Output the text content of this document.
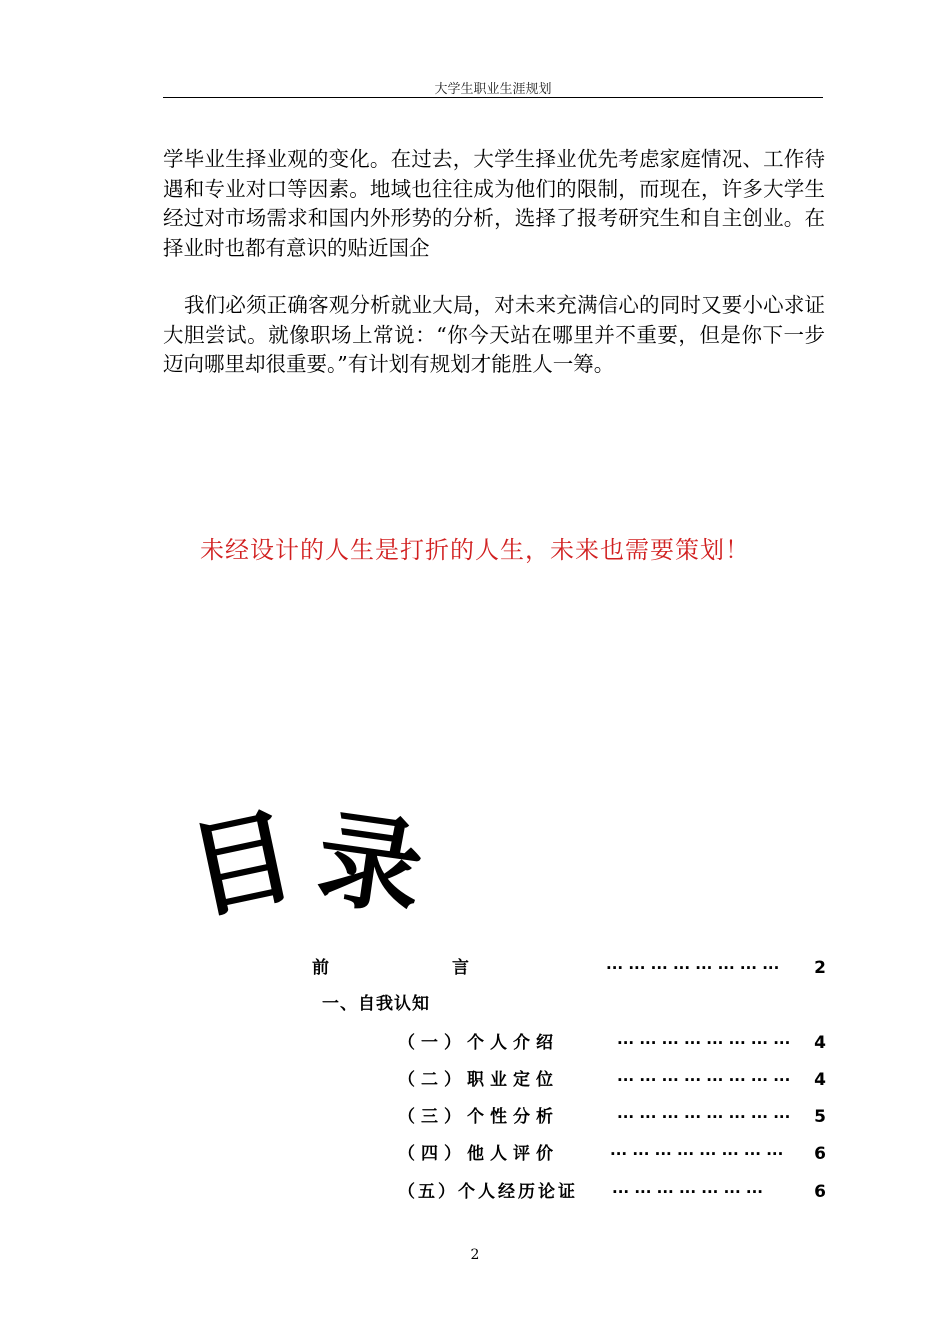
大学生职业生涯规划

学毕业生择业观的变化。在过去，大学生择业优先考虑家庭情况、工作待遇和专业对口等因素。地域也往往成为他们的限制，而现在，许多大学生经过对市场需求和国内外形势的分析，选择了报考研究生和自主创业。在择业时也都有意识的贴近国企

我们必须正确客观分析就业大局，对未来充满信心的同时又要小心求证大胆尝试。就像职场上常说：“你今天站在哪里并不重要，但是你下一步迈向哪里却很重要。”有计划有规划才能胜人一筹。

未经设计的人生是打折的人生，未来也需要策划！
目 录
前	言	··· ··· ··· ··· ··· ··· ··· ··· 2
一、自我认知
（一）个人介绍	··· ··· ··· ··· ··· ··· ··· ··· 4
（二）职业定位	··· ··· ··· ··· ··· ··· ··· ··· 4
（三）个性分析	··· ··· ··· ··· ··· ··· ··· ··· 5
（四）他人评价	··· ··· ··· ··· ··· ··· ··· ··· 6
（五）个人经历论证 ··· ··· ··· ··· ··· ··· ···	6
2
